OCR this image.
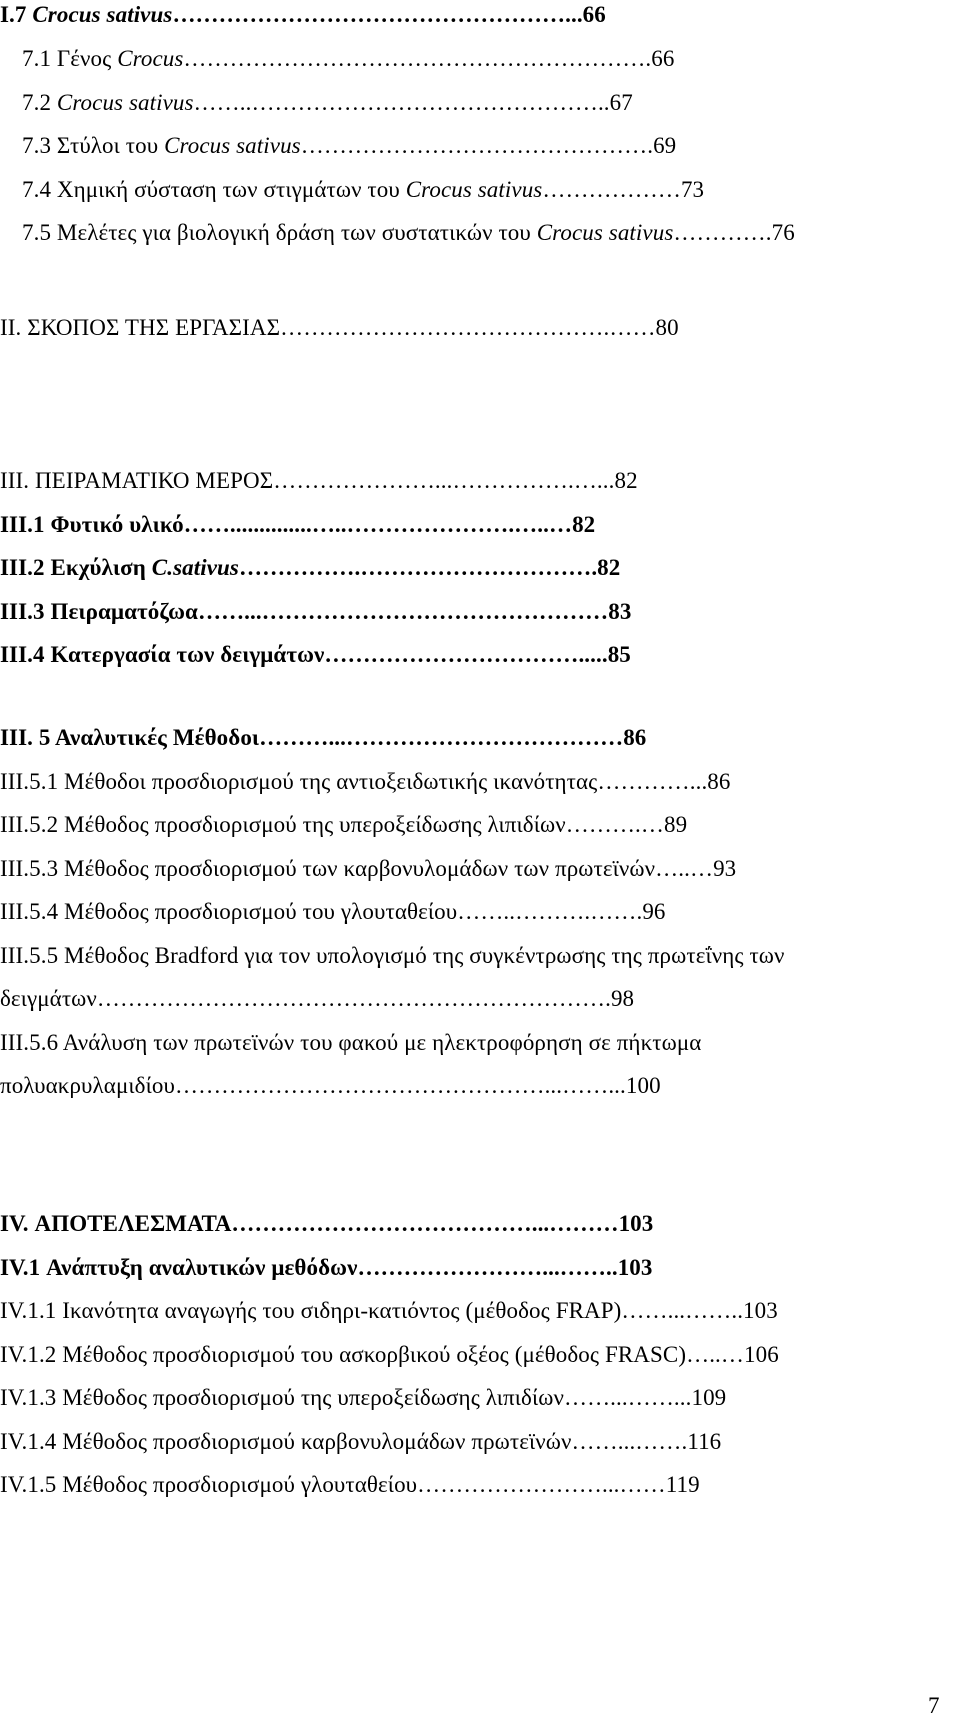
I.7 Crocus sativus……………………………………………...66
7.1 Γένος Crocus…………………………………………………….66
7.2 Crocus sativus……..………………………………………..67
7.3 Στύλοι του Crocus sativus……………………………………….69
7.4 Χημική σύσταση των στιγμάτων του Crocus sativus………………73
7.5 Μελέτες για βιολογική δράση των συστατικών του Crocus sativus………….76
ΙΙ. ΣΚΟΠΟΣ ΤΗΣ ΕΡΓΑΣΙΑΣ…………………………………….……80
ΙΙΙ. ΠΕΙΡΑΜΑΤΙΚΟ ΜΕΡΟΣ…………………...…………….…...82
ΙΙΙ.1 Φυτικό υλικό……..............…..………………….…..…82
ΙΙΙ.2 Εκχύλιση C.sativus…………….………………………….82
ΙΙΙ.3 Πειραματόζωα……...………………………………………83
ΙΙΙ.4 Κατεργασία των δειγμάτων…………………………….....85
ΙΙΙ. 5 Αναλυτικές Μέθοδοι………...………………………………86
ΙΙΙ.5.1 Μέθοδοι προσδιορισμού της αντιοξειδωτικής ικανότητας…………...86
ΙΙΙ.5.2 Μέθοδος προσδιορισμού της υπεροξείδωσης λιπιδίων……….…89
ΙΙΙ.5.3 Μέθοδος προσδιορισμού των καρβονυλομάδων των πρωτεϊνών…..…93
ΙΙΙ.5.4 Μέθοδος προσδιορισμού του γλουταθείου……..……….…….96
ΙΙΙ.5.5 Μέθοδος Bradford για τον υπολογισμό της συγκέντρωσης της πρωτεΐνης των
δειγμάτων………………………………………………………….98
ΙΙΙ.5.6 Ανάλυση των πρωτεϊνών του φακού με ηλεκτροφόρηση σε πήκτωμα
πολυακρυλαμιδίου…………………………………………...……...100
IV. ΑΠΟΤΕΛΕΣΜΑΤΑ…………………………………...………103
IV.1 Ανάπτυξη αναλυτικών μεθόδων……………………...……..103
IV.1.1 Ικανότητα αναγωγής του σιδηρι-κατιόντος (μέθοδος FRAP)……...……..103
IV.1.2 Μέθοδος προσδιορισμού του ασκορβικού οξέος (μέθοδος FRASC)…..…106
IV.1.3 Μέθοδος προσδιορισμού της υπεροξείδωσης λιπιδίων……...……...109
IV.1.4 Μέθοδος προσδιορισμού καρβονυλομάδων πρωτεϊνών……...…….116
IV.1.5 Μέθοδος προσδιορισμού γλουταθείου……………………...……119
7
